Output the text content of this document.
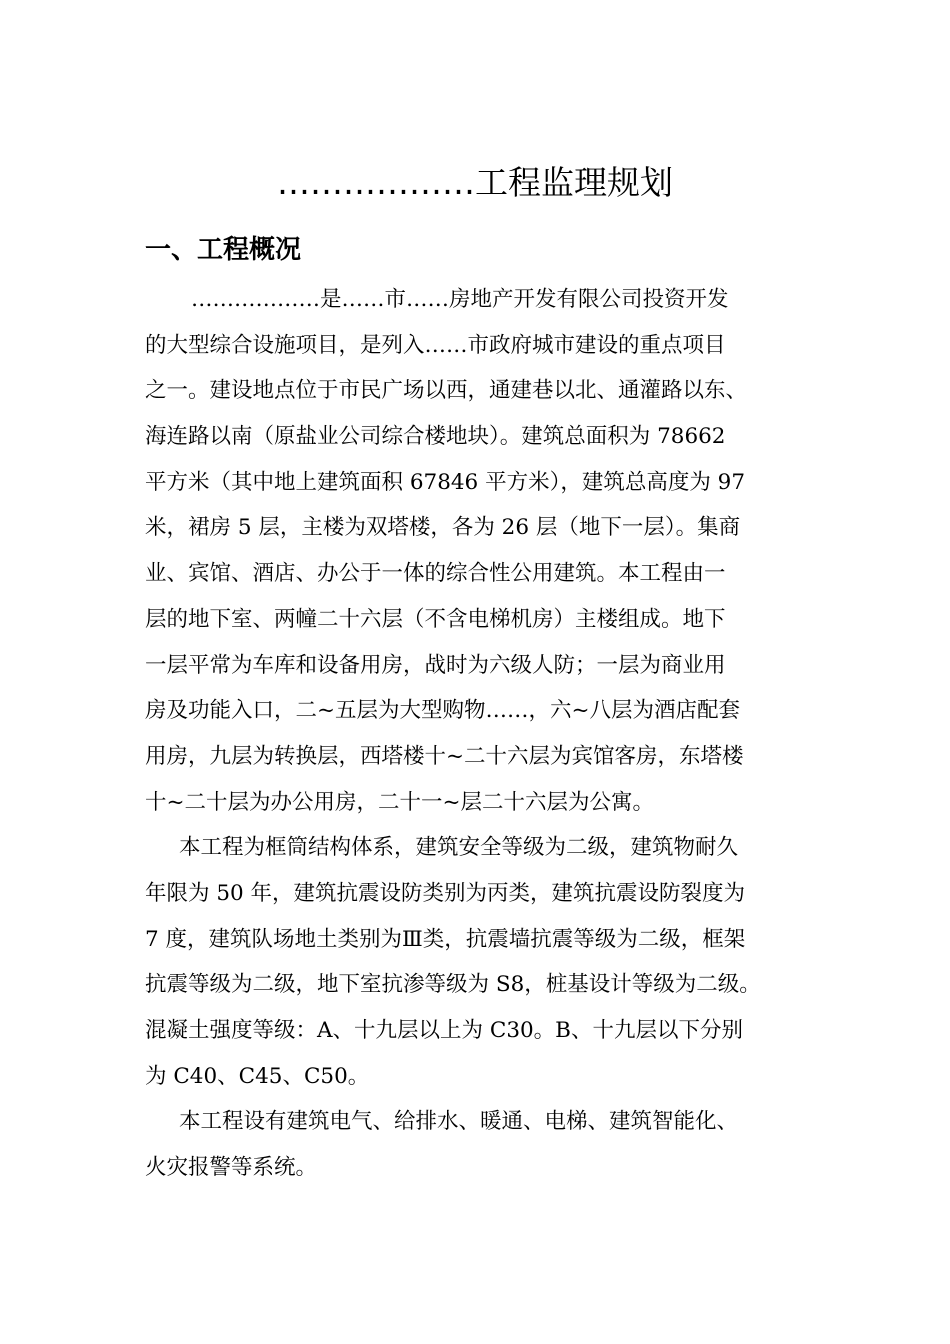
………………工程监理规划
一、工程概况
………………是……市……房地产开发有限公司投资开发
的大型综合设施项目，是列入……市政府城市建设的重点项目
之一。建设地点位于市民广场以西，通建巷以北、通灌路以东、
海连路以南（原盐业公司综合楼地块）。建筑总面积为 78662
平方米（其中地上建筑面积 67846 平方米），建筑总高度为 97
米，裙房 5 层，主楼为双塔楼，各为 26 层（地下一层）。集商
业、宾馆、酒店、办公于一体的综合性公用建筑。本工程由一
层的地下室、两幢二十六层（不含电梯机房）主楼组成。地下
一层平常为车库和设备用房，战时为六级人防；一层为商业用
房及功能入口，二~五层为大型购物……，六~八层为酒店配套
用房，九层为转换层，西塔楼十~二十六层为宾馆客房，东塔楼
十~二十层为办公用房，二十一~层二十六层为公寓。
本工程为框筒结构体系，建筑安全等级为二级，建筑物耐久
年限为 50 年，建筑抗震设防类别为丙类，建筑抗震设防裂度为
7 度，建筑队场地土类别为Ⅲ类，抗震墙抗震等级为二级，框架
抗震等级为二级，地下室抗渗等级为 S8，桩基设计等级为二级。
混凝土强度等级：A、十九层以上为 C30。B、十九层以下分别
为 C40、C45、C50。
本工程设有建筑电气、给排水、暖通、电梯、建筑智能化、
火灾报警等系统。
